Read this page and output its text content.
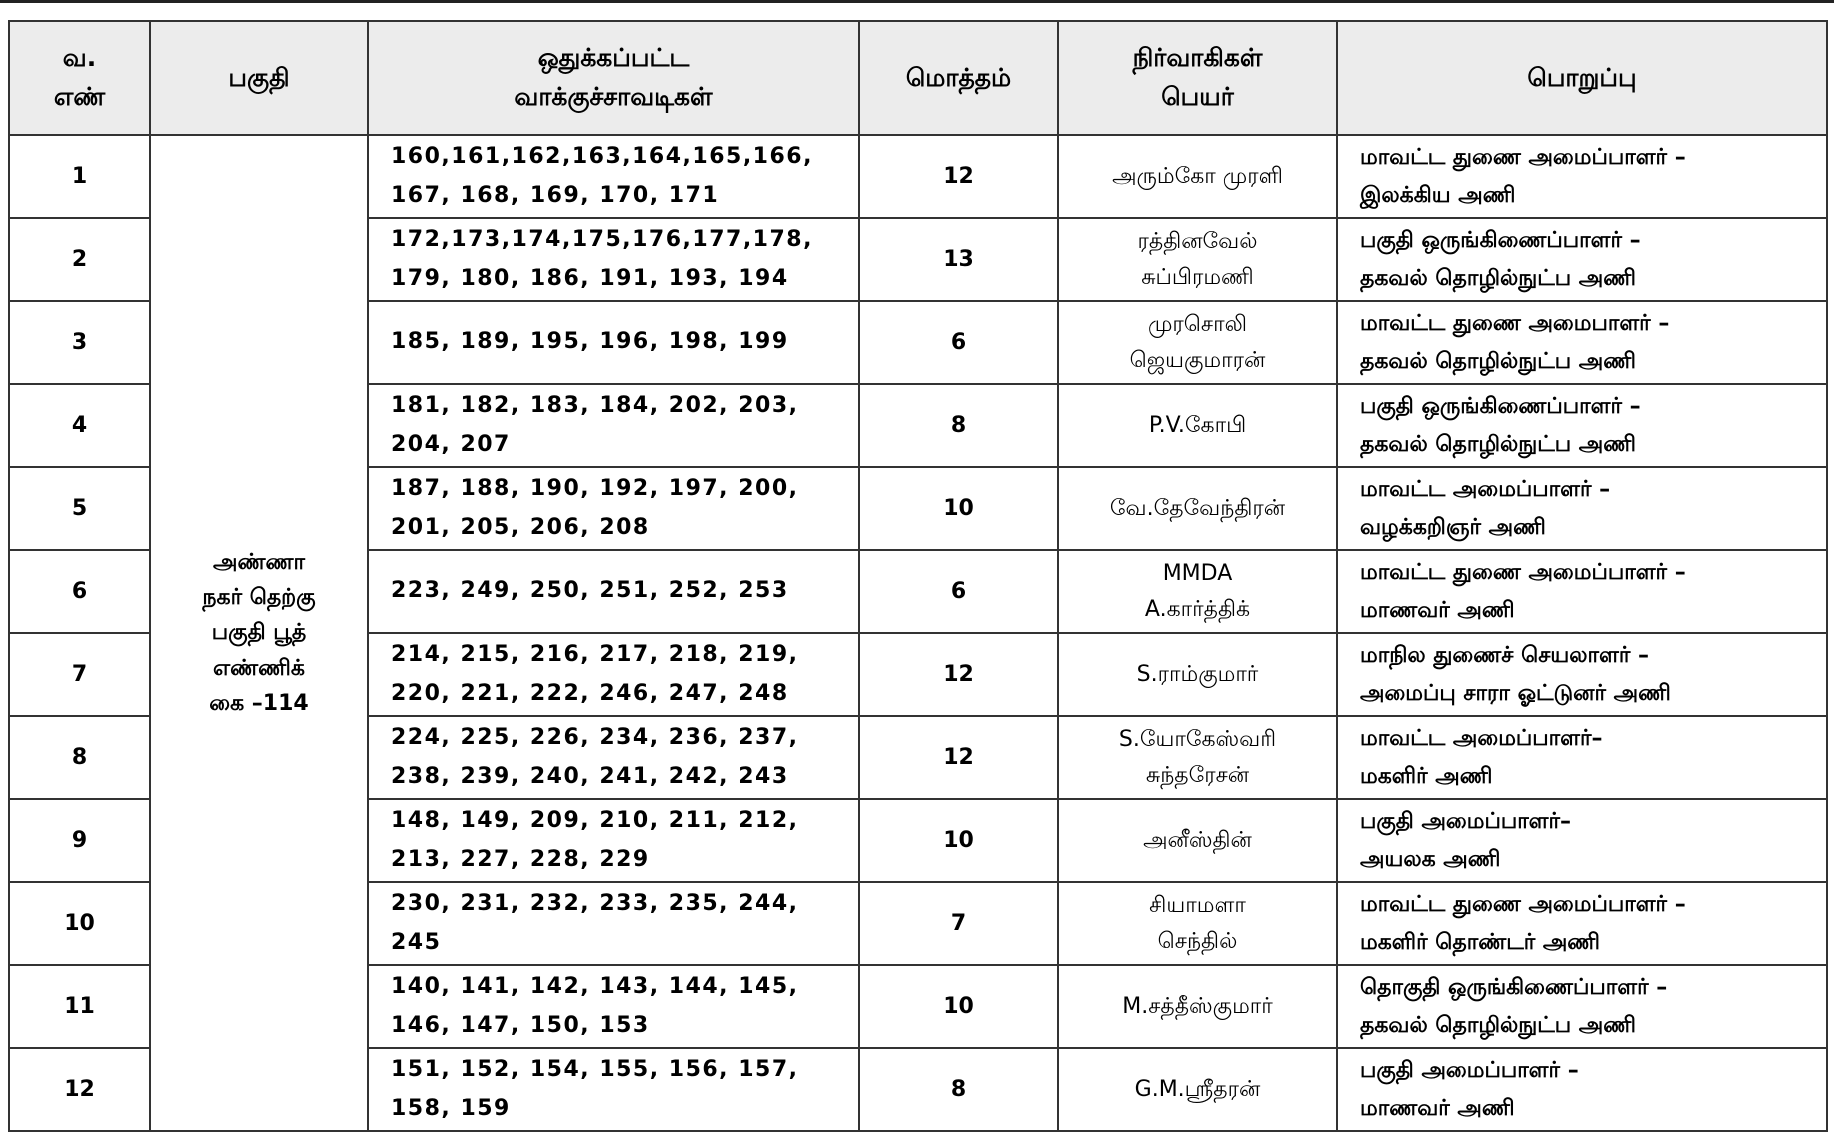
வ.
எண்	பகுதி	ஒதுக்கப்பட்ட
வாக்குச்சாவடிகள்	மொத்தம்	நிர்வாகிகள்
பெயர்	பொறுப்பு

1	அண்ணா
நகர் தெற்கு
பகுதி பூத்
எண்ணிக்
கை –114	160,161,162,163,164,165,166,
167, 168, 169, 170, 171	12	அரும்கோ முரளி	மாவட்ட துணை அமைப்பாளர் –
இலக்கிய அணி

2		172,173,174,175,176,177,178,
179, 180, 186, 191, 193, 194	13	ரத்தினவேல்
சுப்பிரமணி	பகுதி ஒருங்கிணைப்பாளர் –
தகவல் தொழில்நுட்ப அணி

3		185, 189, 195, 196, 198, 199	6	முரசொலி
ஜெயகுமாரன்	மாவட்ட துணை அமைபாளர் –
தகவல் தொழில்நுட்ப அணி

4		181, 182, 183, 184, 202, 203,
204, 207	8	P.V.கோபி	பகுதி ஒருங்கிணைப்பாளர் –
தகவல் தொழில்நுட்ப அணி

5		187, 188, 190, 192, 197, 200,
201, 205, 206, 208	10	வே.தேவேந்திரன்	மாவட்ட அமைப்பாளர் –
வழக்கறிஞர் அணி

6		223, 249, 250, 251, 252, 253	6	MMDA
A.கார்த்திக்	மாவட்ட துணை அமைப்பாளர் –
மாணவர் அணி

7		214, 215, 216, 217, 218, 219,
220, 221, 222, 246, 247, 248	12	S.ராம்குமார்	மாநில துணைச் செயலாளர் –
அமைப்பு சாரா ஓட்டுனர் அணி

8		224, 225, 226, 234, 236, 237,
238, 239, 240, 241, 242, 243	12	S.யோகேஸ்வரி
சுந்தரேசன்	மாவட்ட அமைப்பாளர்–
மகளிர் அணி

9		148, 149, 209, 210, 211, 212,
213, 227, 228, 229	10	அனீஸ்தின்	பகுதி அமைப்பாளர்–
அயலக அணி

10		230, 231, 232, 233, 235, 244,
245	7	சியாமளா
செந்தில்	மாவட்ட துணை அமைப்பாளர் –
மகளிர் தொண்டர் அணி

11		140, 141, 142, 143, 144, 145,
146, 147, 150, 153	10	M.சத்தீஸ்குமார்	தொகுதி ஒருங்கிணைப்பாளர் –
தகவல் தொழில்நுட்ப அணி

12		151, 152, 154, 155, 156, 157,
158, 159	8	G.M.ஶ்ரீதரன்	பகுதி அமைப்பாளர் –
மாணவர் அணி
